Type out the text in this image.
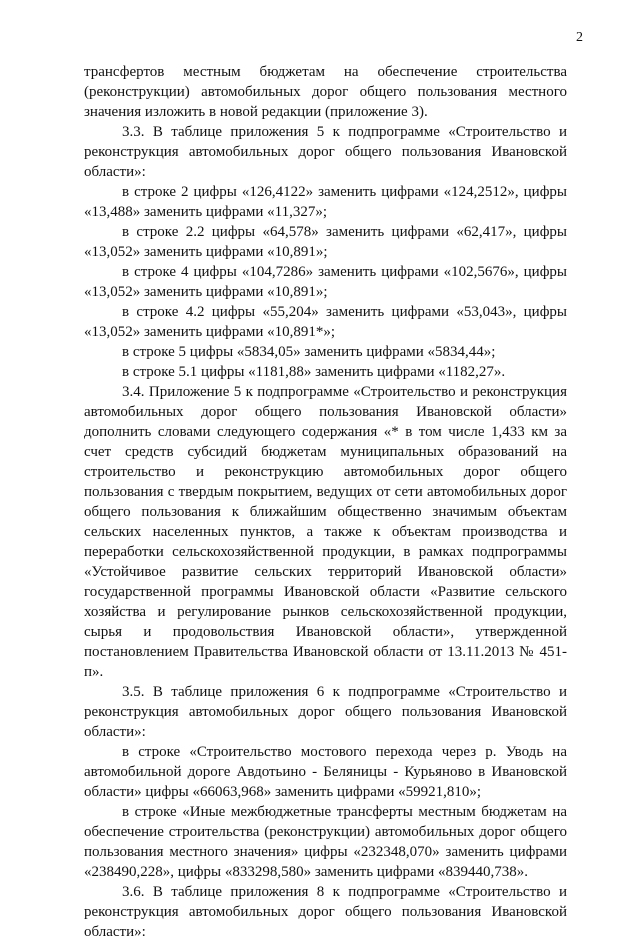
2

трансфертов местным бюджетам на обеспечение строительства (реконструкции) автомобильных дорог общего пользования местного значения изложить в новой редакции (приложение 3).

3.3. В таблице приложения 5 к подпрограмме «Строительство и реконструкция автомобильных дорог общего пользования Ивановской области»:

в строке 2 цифры «126,4122» заменить цифрами «124,2512», цифры «13,488» заменить цифрами «11,327»;

в строке 2.2 цифры «64,578» заменить цифрами «62,417», цифры «13,052» заменить цифрами «10,891»;

в строке 4 цифры «104,7286» заменить цифрами «102,5676», цифры «13,052» заменить цифрами «10,891»;

в строке 4.2 цифры «55,204» заменить цифрами «53,043», цифры «13,052» заменить цифрами «10,891*»;

в строке 5 цифры «5834,05» заменить цифрами «5834,44»;

в строке 5.1 цифры «1181,88» заменить цифрами «1182,27».

3.4. Приложение 5 к подпрограмме «Строительство и реконструкция автомобильных дорог общего пользования Ивановской области» дополнить словами следующего содержания «* в том числе 1,433 км за счет средств субсидий бюджетам муниципальных образований на строительство и реконструкцию автомобильных дорог общего пользования с твердым покрытием, ведущих от сети автомобильных дорог общего пользования к ближайшим общественно значимым объектам сельских населенных пунктов, а также к объектам производства и переработки сельскохозяйственной продукции, в рамках подпрограммы «Устойчивое развитие сельских территорий Ивановской области» государственной программы Ивановской области «Развитие сельского хозяйства и регулирование рынков сельскохозяйственной продукции, сырья и продовольствия Ивановской области», утвержденной постановлением Правительства Ивановской области от 13.11.2013 № 451-п».

3.5. В таблице приложения 6 к подпрограмме «Строительство и реконструкция автомобильных дорог общего пользования Ивановской области»:

в строке «Строительство мостового перехода через р. Уводь на автомобильной дороге Авдотьино - Беляницы - Курьяново в Ивановской области» цифры «66063,968» заменить цифрами «59921,810»;

в строке «Иные межбюджетные трансферты местным бюджетам на обеспечение строительства (реконструкции) автомобильных дорог общего пользования местного значения» цифры «232348,070» заменить цифрами «238490,228», цифры «833298,580» заменить цифрами «839440,738».

3.6. В таблице приложения 8 к подпрограмме «Строительство и реконструкция автомобильных дорог общего пользования Ивановской области»:
